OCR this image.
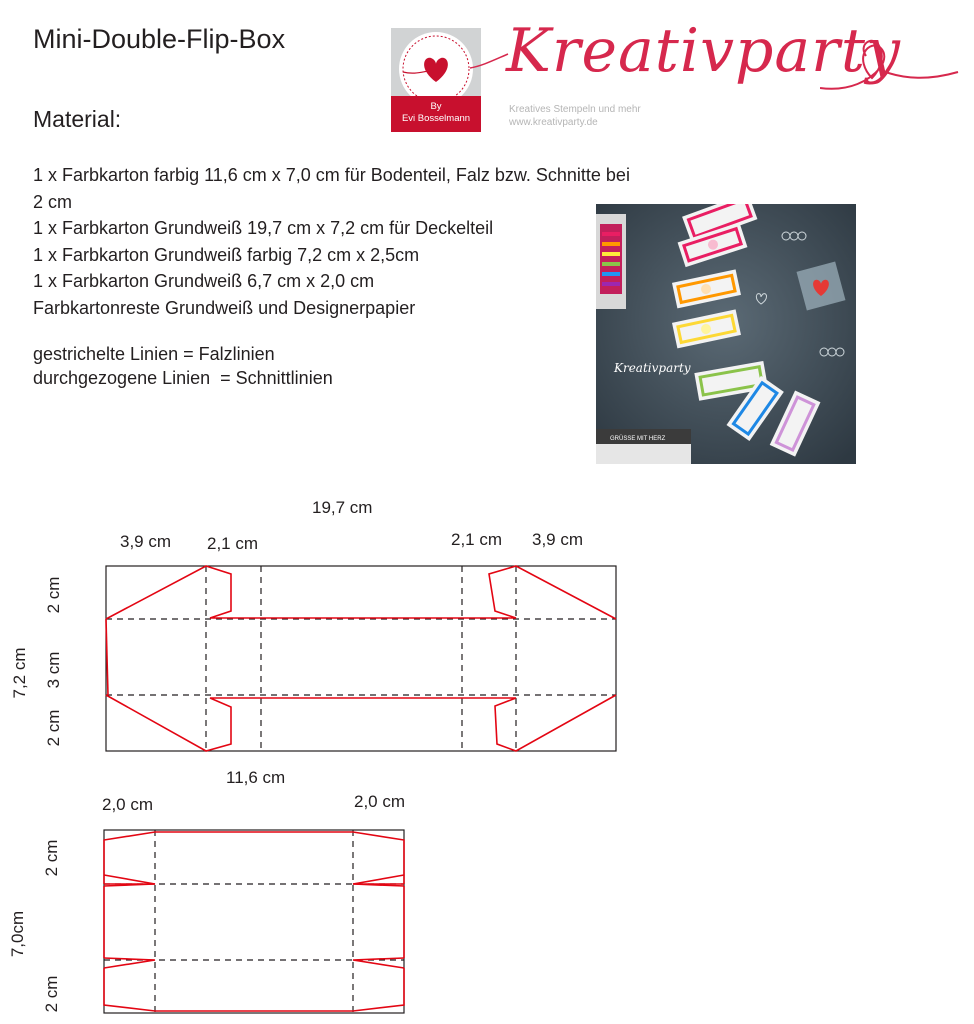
Mini-Double-Flip-Box
Material:
1 x Farbkarton farbig 11,6 cm x 7,0 cm für Bodenteil, Falz bzw. Schnitte bei
2 cm
1 x Farbkarton Grundweiß 19,7 cm x 7,2 cm für Deckelteil
1 x Farbkarton Grundweiß farbig 7,2 cm x 2,5cm
1 x Farbkarton Grundweiß 6,7 cm x 2,0 cm
Farbkartonreste Grundweiß und Designerpapier
gestrichelte Linien = Falzlinien
durchgezogene Linien  = Schnittlinien
By
Evi Bosselmann
Kreativparty
Kreatives Stempeln und mehr
www.kreativparty.de
GRÜSSE MIT HERZ
Kreativparty
19,7 cm
3,9 cm 2,1 cm	2,1 cm 3,9 cm
7,2 cm
2 cm
3 cm
2 cm
11,6 cm
2,0 cm	2,0 cm
7,0cm
2 cm
2 cm
